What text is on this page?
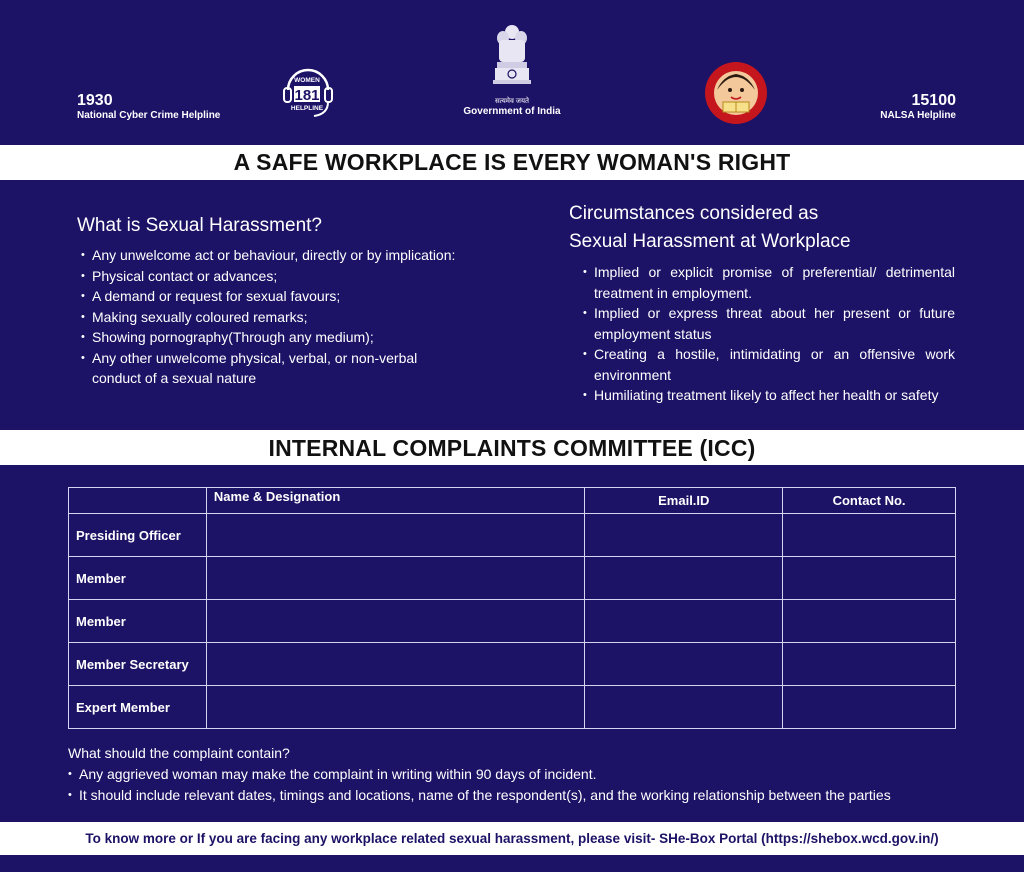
1930
National Cyber Crime Helpline
WOMEN
181
HELPLINE
सत्यमेव जयते
Government of India
15100
NALSA Helpline
A SAFE WORKPLACE IS EVERY WOMAN'S RIGHT
What is Sexual Harassment?
• Any unwelcome act or behaviour, directly or by implication:
• Physical contact or advances;
• A demand or request for sexual favours;
• Making sexually coloured remarks;
• Showing pornography(Through any medium);
• Any other unwelcome physical, verbal, or non-verbal conduct of a sexual nature
Circumstances considered as
Sexual Harassment at Workplace
• Implied or explicit promise of preferential/ detrimental treatment in employment.
• Implied or express threat about her present or future employment status
• Creating a hostile, intimidating or an offensive work environment
• Humiliating treatment likely to affect her health or safety
INTERNAL COMPLAINTS COMMITTEE (ICC)
	Name & Designation	Email.ID	Contact No.
Presiding Officer			
Member			
Member			
Member Secretary			
Expert Member			
What should the complaint contain?
• Any aggrieved woman may make the complaint in writing within 90 days of incident.
• It should include relevant dates, timings and locations, name of the respondent(s), and the working relationship between the parties
To know more or If you are facing any workplace related sexual harassment, please visit- SHe-Box Portal (https://shebox.wcd.gov.in/)
